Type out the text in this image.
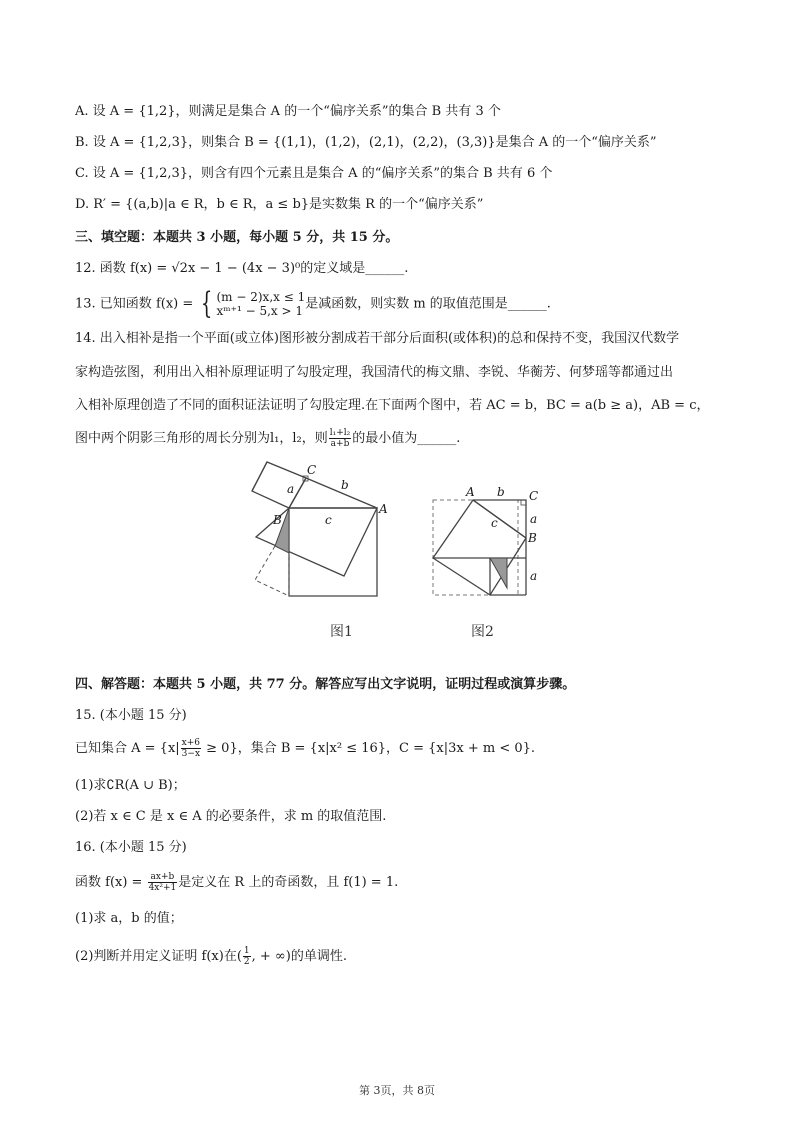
A. 设 A = {1,2}，则满足是集合 A 的一个“偏序关系”的集合 B 共有 3 个
B. 设 A = {1,2,3}，则集合 B = {(1,1)，(1,2)，(2,1)，(2,2)，(3,3)}是集合 A 的一个“偏序关系”
C. 设 A = {1,2,3}，则含有四个元素且是集合 A 的“偏序关系”的集合 B 共有 6 个
D. R′ = {(a,b)|a ∈ R，b ∈ R，a ≤ b}是实数集 R 的一个“偏序关系”
三、填空题：本题共 3 小题，每小题 5 分，共 15 分。
12. 函数 f(x) = √2x − 1 − (4x − 3)⁰的定义域是______.
13. 已知函数 f(x) = { (m − 2)x,x ≤ 1
xᵐ⁺¹ − 5,x > 1 是减函数，则实数 m 的取值范围是______.
14. 出入相补是指一个平面(或立体)图形被分割成若干部分后面积(或体积)的总和保持不变，我国汉代数学
家构造弦图，利用出入相补原理证明了勾股定理，我国清代的梅文鼎、李锐、华蘅芳、何梦瑶等都通过出
入相补原理创造了不同的面积证法证明了勾股定理.在下面两个图中，若 AC = b，BC = a(b ≥ a)，AB = c，
图中两个阴影三角形的周长分别为l₁，l₂，则 $\frac{\text{l₁+l₂}}{a+b}$ 的最小值为______.
C
a	b
B	c
A
图1
A b C
c	a
B
a
图2
四、解答题：本题共 5 小题，共 77 分。解答应写出文字说明，证明过程或演算步骤。
15. (本小题 15 分)
已知集合 $A = \{x| \frac{x+6}{3-x} \ge 0\}$，集合 B = {x|x² ≤ 16}，C = {x|3x + m < 0}.
(1)求∁R(A ∪ B)；
(2)若 x ∈ C 是 x ∈ A 的必要条件，求 m 的取值范围.
16. (本小题 15 分)
函数 $f(x) = \frac{ax+b}{\text{4x²+1}}$ 是定义在 R 上的奇函数，且 f(1) = 1.
(1)求 a，b 的值；
(2)判断并用定义证明 f(x)在( $\frac{1}{2}$ , + ∞)的单调性.
第 3页，共 8页
